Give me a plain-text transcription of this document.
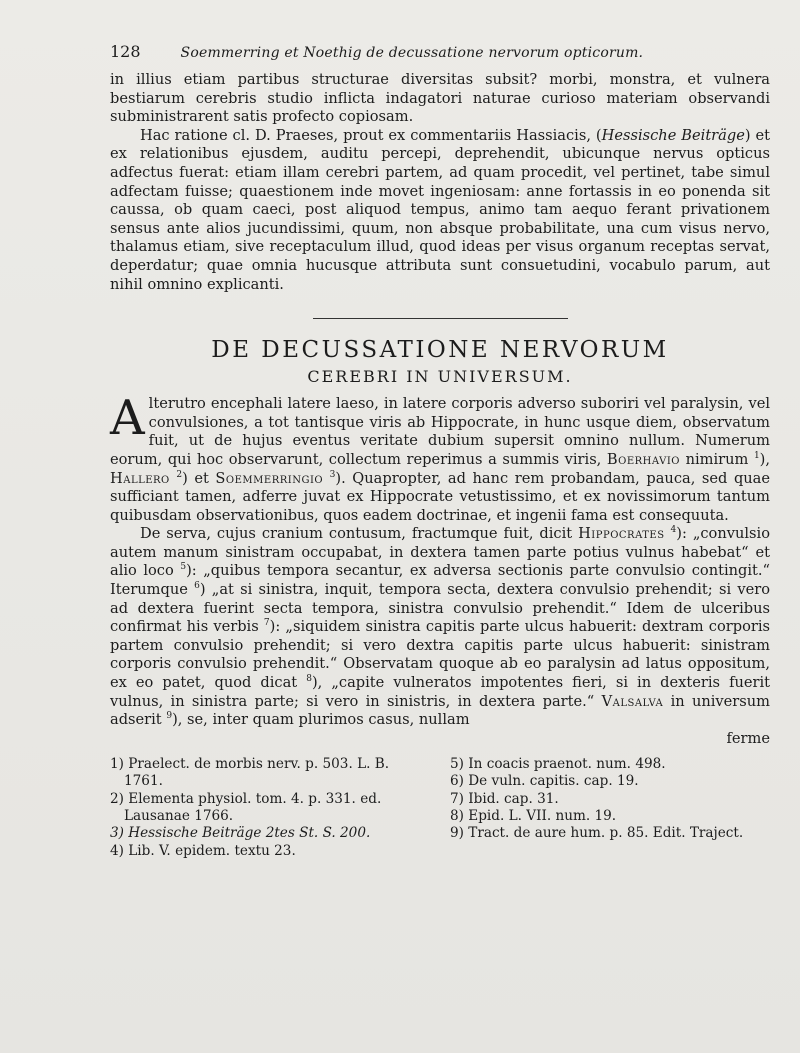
128	Soemmerring et Noethig de decussatione nervorum opticorum.

in illius etiam partibus structurae diversitas subsit? morbi, monstra, et vulnera bestiarum cerebris studio inflicta indagatori naturae curioso materiam observandi subministrarent satis profecto copiosam.

Hac ratione cl. D. Praeses, prout ex commentariis Hassiacis, (Hessische Beiträge) et ex relationibus ejusdem, auditu percepi, deprehendit, ubicunque nervus opticus adfectus fuerat: etiam illam cerebri partem, ad quam procedit, vel pertinet, tabe simul adfectam fuisse; quaestionem inde movet ingeniosam: anne fortassis in eo ponenda sit caussa, ob quam caeci, post aliquod tempus, animo tam aequo ferant privationem sensus ante alios jucundissimi, quum, non absque probabilitate, una cum visus nervo, thalamus etiam, sive receptaculum illud, quod ideas per visus organum receptas servat, deperdatur; quae omnia hucusque attributa sunt consuetudini, vocabulo parum, aut nihil omnino explicanti.

DE DECUSSATIONE NERVORUM
CEREBRI IN UNIVERSUM.

Alterutro encephali latere laeso, in latere corporis adverso suboriri vel paralysin, vel convulsiones, a tot tantisque viris ab Hippocrate, in hunc usque diem, observatum fuit, ut de hujus eventus veritate dubium supersit omnino nullum. Numerum eorum, qui hoc observarunt, collectum reperimus a summis viris, Boerhavio nimirum $^1$), Hallero $^2$) et Soemmerringio $^3$). Quapropter, ad hanc rem probandam, pauca, sed quae sufficiant tamen, adferre juvat ex Hippocrate vetustissimo, et ex novissimorum tantum quibusdam observationibus, quos eadem doctrinae, et ingenii fama est consequuta.

De serva, cujus cranium contusum, fractumque fuit, dicit Hippocrates $^4$): „convulsio autem manum sinistram occupabat, in dextera tamen parte potius vulnus habebat“ et alio loco $^5$): „quibus tempora secantur, ex adversa sectionis parte convulsio contingit.“ Iterumque $^6$) „at si sinistra, inquit, tempora secta, dextera convulsio prehendit; si vero ad dextera fuerint secta tempora, sinistra convulsio prehendit.“ Idem de ulceribus confirmat his verbis $^7$): „siquidem sinistra capitis parte ulcus habuerit: dextram corporis partem convulsio prehendit; si vero dextra capitis parte ulcus habuerit: sinistram corporis convulsio prehendit.“ Observatam quoque ab eo paralysin ad latus oppositum, ex eo patet, quod dicat $^8$), „capite vulneratos impotentes fieri, si in dexteris fuerit vulnus, in sinistra parte; si vero in sinistris, in dextera parte.“ Valsalva in universum adserit $^9$), se, inter quam plurimos casus, nullam

ferme
1) Praelect. de morbis nerv. p. 503. L. B. 1761.
2) Elementa physiol. tom. 4. p. 331. ed. Lausanae 1766.
3) Hessische Beiträge 2tes St. S. 200.
4) Lib. V. epidem. textu 23.
5) In coacis praenot. num. 498.
6) De vuln. capitis. cap. 19.
7) Ibid. cap. 31.
8) Epid. L. VII. num. 19.
9) Tract. de aure hum. p. 85. Edit. Traject.
